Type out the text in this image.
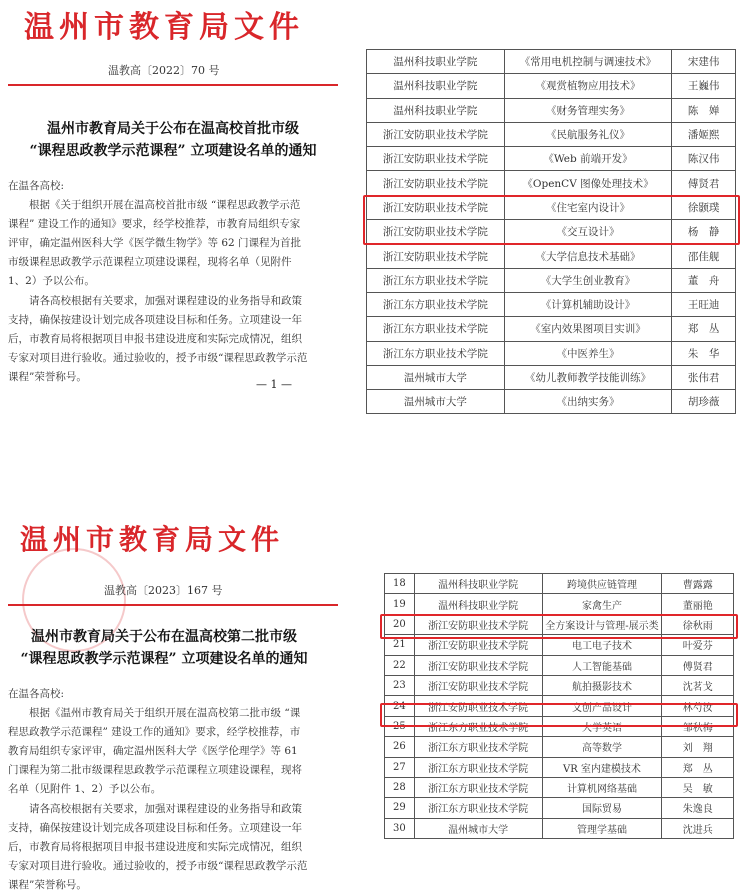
温州市教育局文件
温教高〔2022〕70 号
温州市教育局关于公布在温高校首批市级
“课程思政教学示范课程” 立项建设名单的通知
在温各高校:
根据《关于组织开展在温高校首批市级 “课程思政教学示范课程” 建设工作的通知》要求，经学校推荐，市教育局组织专家评审，确定温州医科大学《医学微生物学》等 62 门课程为首批市级课程思政教学示范课程立项建设课程，现将名单（见附件 1、2）予以公布。
请各高校根据有关要求，加强对课程建设的业务指导和政策支持，确保按建设计划完成各项建设目标和任务。立项建设一年后，市教育局将根据项目申报书建设进度和实际完成情况，组织专家对项目进行验收。通过验收的，授予市级“课程思政教学示范课程”荣誉称号。
— 1 —
温州科技职业学院	《常用电机控制与调速技术》	宋建伟
温州科技职业学院	《观赏植物应用技术》	王巍伟
温州科技职业学院	《财务管理实务》	陈　婵
浙江安防职业技术学院	《民航服务礼仪》	潘姬熙
浙江安防职业技术学院	《Web 前端开发》	陈汉伟
浙江安防职业技术学院	《OpenCV 图像处理技术》	傅贤君
浙江安防职业技术学院	《住宅室内设计》	徐颢璞
浙江安防职业技术学院	《交互设计》	杨　静
浙江安防职业技术学院	《大学信息技术基础》	邵佳舰
浙江东方职业技术学院	《大学生创业教育》	董　舟
浙江东方职业技术学院	《计算机辅助设计》	王旺迪
浙江东方职业技术学院	《室内效果图项目实训》	郑　丛
浙江东方职业技术学院	《中医养生》	朱　华
温州城市大学	《幼儿教师教学技能训练》	张伟君
温州城市大学	《出纳实务》	胡珍薇
温州市教育局文件
温教高〔2023〕167 号
温州市教育局关于公布在温高校第二批市级
“课程思政教学示范课程” 立项建设名单的通知
在温各高校:
根据《温州市教育局关于组织开展在温高校第二批市级 “课程思政教学示范课程” 建设工作的通知》要求，经学校推荐，市教育局组织专家评审，确定温州医科大学《医学伦理学》等 61 门课程为第二批市级课程思政教学示范课程立项建设课程，现将名单（见附件 1、2）予以公布。
请各高校根据有关要求，加强对课程建设的业务指导和政策支持，确保按建设计划完成各项建设目标和任务。立项建设一年后，市教育局将根据项目申报书建设进度和实际完成情况，组织专家对项目进行验收。通过验收的，授予市级“课程思政教学示范课程”荣誉称号。
18	温州科技职业学院	跨境供应链管理	曹露露
19	温州科技职业学院	家禽生产	董丽艳
20	浙江安防职业技术学院	全方案设计与管理-展示类	徐秋雨
21	浙江安防职业技术学院	电工电子技术	叶爱芬
22	浙江安防职业技术学院	人工智能基础	傅贤君
23	浙江安防职业技术学院	航拍摄影技术	沈茗戈
24	浙江安防职业技术学院	文创产品设计	林芍汝
25	浙江东方职业技术学院	大学英语	邹秋梅
26	浙江东方职业技术学院	高等数学	刘　翔
27	浙江东方职业技术学院	VR 室内建模技术	郑　丛
28	浙江东方职业技术学院	计算机网络基础	吴　敏
29	浙江东方职业技术学院	国际贸易	朱逸良
30	温州城市大学	管理学基础	沈进兵
